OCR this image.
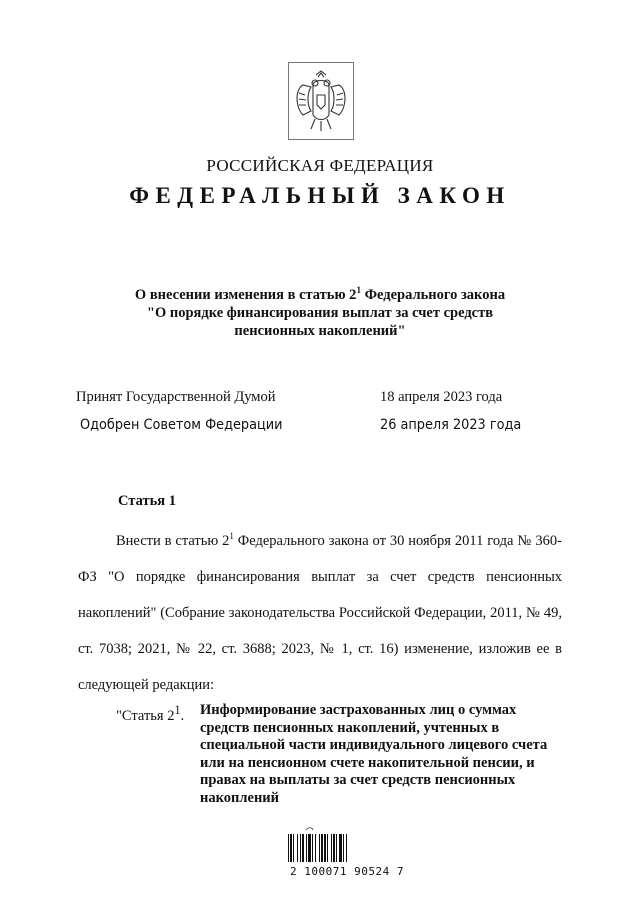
РОССИЙСКАЯ ФЕДЕРАЦИЯ
ФЕДЕРАЛЬНЫЙ ЗАКОН
О внесении изменения в статью $2^1$ Федерального закона
"О порядке финансирования выплат за счет средств
пенсионных накоплений"
Принят Государственной Думой	18 апреля 2023 года
Одобрен Советом Федерации	26 апреля 2023 года
Статья 1
Внести в статью $2^1$ Федерального закона от 30 ноября 2011 года № 360-ФЗ "О порядке финансирования выплат за счет средств пенсионных накоплений" (Собрание законодательства Российской Федерации, 2011, № 49, ст. 7038; 2021, № 22, ст. 3688; 2023, № 1, ст. 16) изменение, изложив ее в следующей редакции:
"Статья $2^1$. Информирование застрахованных лиц о суммах средств пенсионных накоплений, учтенных в специальной части индивидуального лицевого счета или на пенсионном счете накопительной пенсии, и правах на выплаты за счет средств пенсионных накоплений
2 100071 90524 7
